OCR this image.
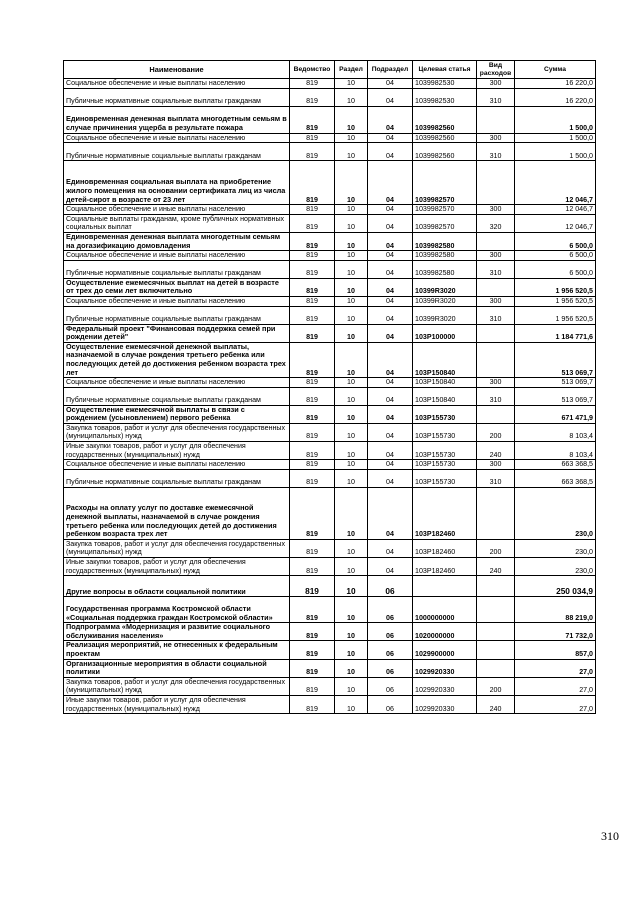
Наименование	Ведомство	Раздел	Подраздел	Целевая статья	Вид расходов	Сумма
Социальное обеспечение и иные выплаты населению	819	10	04	1039982530	300	16 220,0
Публичные нормативные социальные выплаты гражданам	819	10	04	1039982530	310	16 220,0
Единовременная денежная выплата многодетным семьям в случае причинения ущерба в результате пожара	819	10	04	1039982560		1 500,0
Социальное обеспечение и иные выплаты населению	819	10	04	1039982560	300	1 500,0
Публичные нормативные социальные выплаты гражданам	819	10	04	1039982560	310	1 500,0
Единовременная социальная выплата на приобретение жилого помещения на основании сертификата лиц из числа детей-сирот в возрасте от 23 лет	819	10	04	1039982570		12 046,7
Социальное обеспечение и иные выплаты населению	819	10	04	1039982570	300	12 046,7
Социальные выплаты гражданам, кроме публичных нормативных социальных выплат	819	10	04	1039982570	320	12 046,7
Единовременная денежная выплата многодетным семьям на догазификацию домовладения	819	10	04	1039982580		6 500,0
Социальное обеспечение и иные выплаты населению	819	10	04	1039982580	300	6 500,0
Публичные нормативные социальные выплаты гражданам	819	10	04	1039982580	310	6 500,0
Осуществление ежемесячных выплат на детей в возрасте от трех до семи лет включительно	819	10	04	10399R3020		1 956 520,5
Социальное обеспечение и иные выплаты населению	819	10	04	10399R3020	300	1 956 520,5
Публичные нормативные социальные выплаты гражданам	819	10	04	10399R3020	310	1 956 520,5
Федеральный проект "Финансовая поддержка семей при рождении детей"	819	10	04	103P100000		1 184 771,6
Осуществление ежемесячной денежной выплаты, назначаемой в случае рождения третьего ребенка или последующих детей до достижения ребенком возраста трех лет	819	10	04	103P150840		513 069,7
Социальное обеспечение и иные выплаты населению	819	10	04	103P150840	300	513 069,7
Публичные нормативные социальные выплаты гражданам	819	10	04	103P150840	310	513 069,7
Осуществление ежемесячной выплаты в связи с рождением (усыновлением) первого ребенка	819	10	04	103P155730		671 471,9
Закупка товаров, работ и услуг для обеспечения государственных (муниципальных) нужд	819	10	04	103P155730	200	8 103,4
Иные закупки товаров, работ и услуг для обеспечения государственных (муниципальных) нужд	819	10	04	103P155730	240	8 103,4
Социальное обеспечение и иные выплаты населению	819	10	04	103P155730	300	663 368,5
Публичные нормативные социальные выплаты гражданам	819	10	04	103P155730	310	663 368,5
Расходы на оплату услуг по доставке ежемесячной денежной выплаты, назначаемой в случае рождения третьего ребенка или последующих детей до достижения ребенком возраста трех лет	819	10	04	103P182460		230,0
Закупка товаров, работ и услуг для обеспечения государственных (муниципальных) нужд	819	10	04	103P182460	200	230,0
Иные закупки товаров, работ и услуг для обеспечения государственных (муниципальных) нужд	819	10	04	103P182460	240	230,0
Другие вопросы в области социальной политики	819	10	06			250 034,9
Государственная программа Костромской области «Социальная поддержка граждан Костромской области»	819	10	06	1000000000		88 219,0
Подпрограмма «Модернизация и развитие социального обслуживания населения»	819	10	06	1020000000		71 732,0
Реализация мероприятий, не отнесенных к федеральным проектам	819	10	06	1029900000		857,0
Организационные мероприятия в области социальной политики	819	10	06	1029920330		27,0
Закупка товаров, работ и услуг для обеспечения государственных (муниципальных) нужд	819	10	06	1029920330	200	27,0
Иные закупки товаров, работ и услуг для обеспечения государственных (муниципальных) нужд	819	10	06	1029920330	240	27,0
310
